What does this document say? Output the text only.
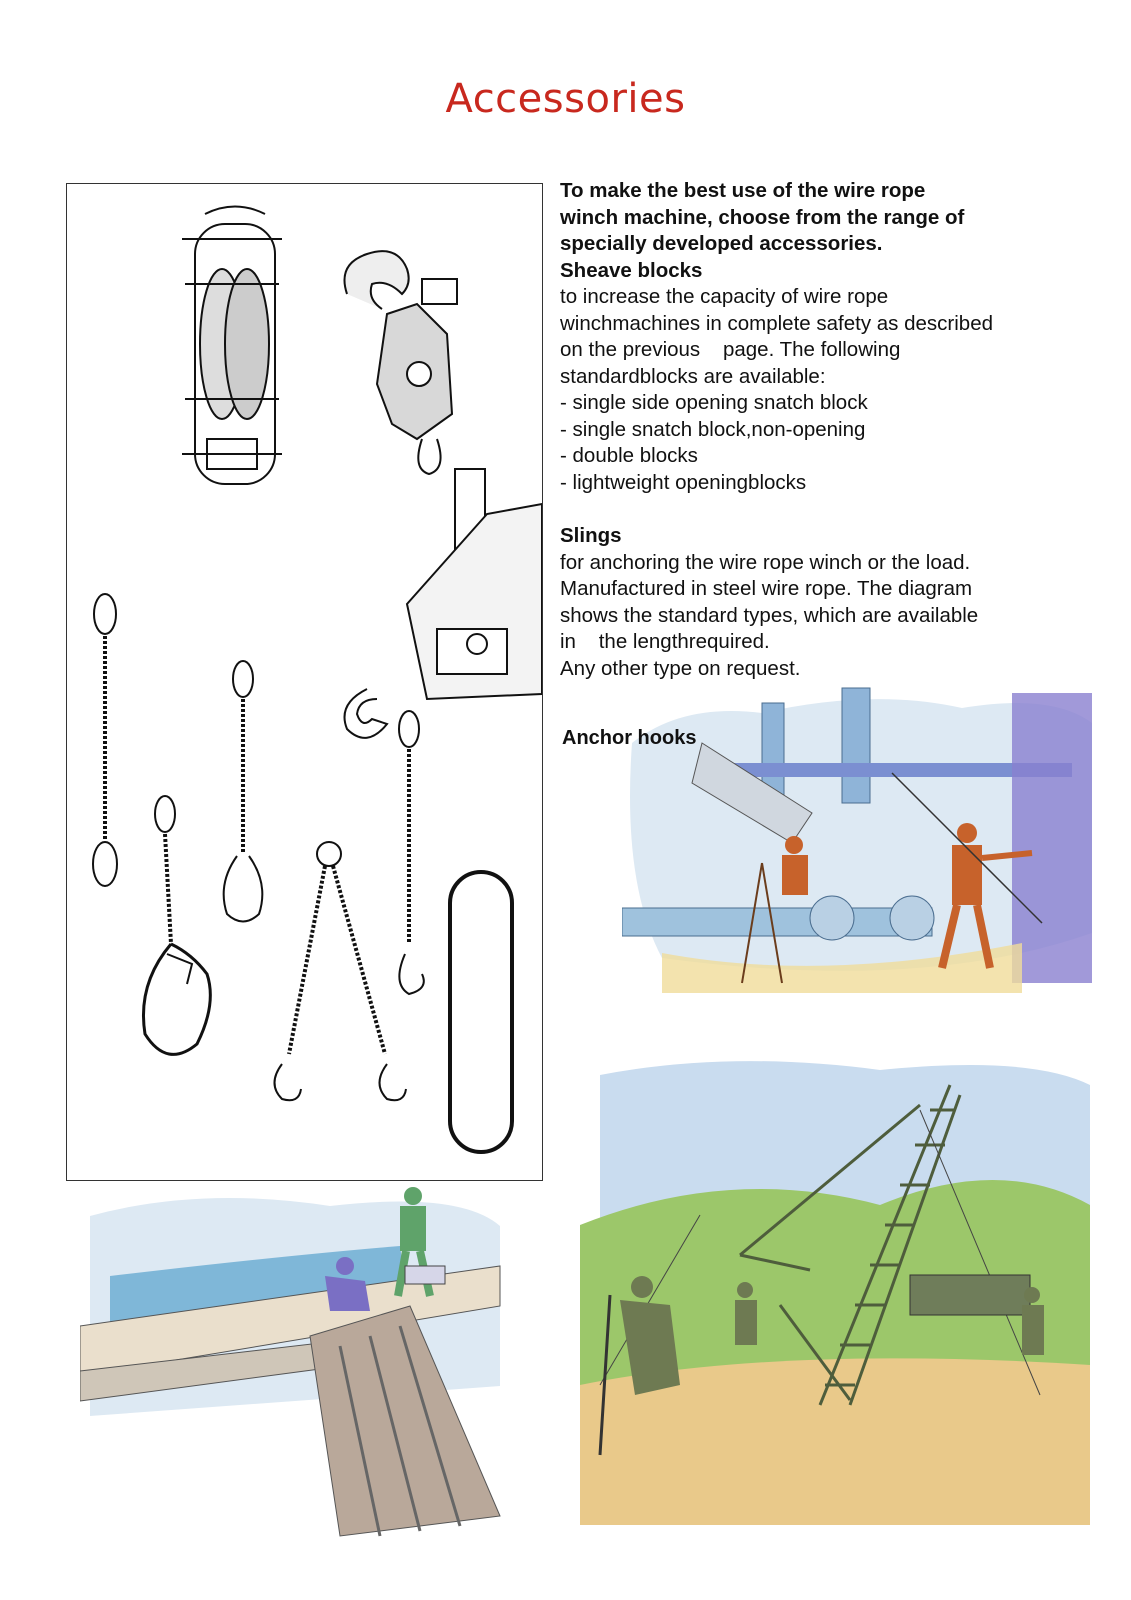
Accessories

To make the best use of the wire rope

winch machine, choose from the range of

specially developed accessories.

Sheave blocks

to increase the capacity of wire rope

winchmachines in complete safety as described

on the previous    page. The following

standardblocks are available:

- single side opening snatch block

- single snatch block,non-opening

- double blocks

- lightweight openingblocks

Slings

for anchoring the wire rope winch or the load.

Manufactured in steel wire rope. The diagram

shows the standard types, which are available

in    the lengthrequired.

Any other type on request.

Anchor hooks
